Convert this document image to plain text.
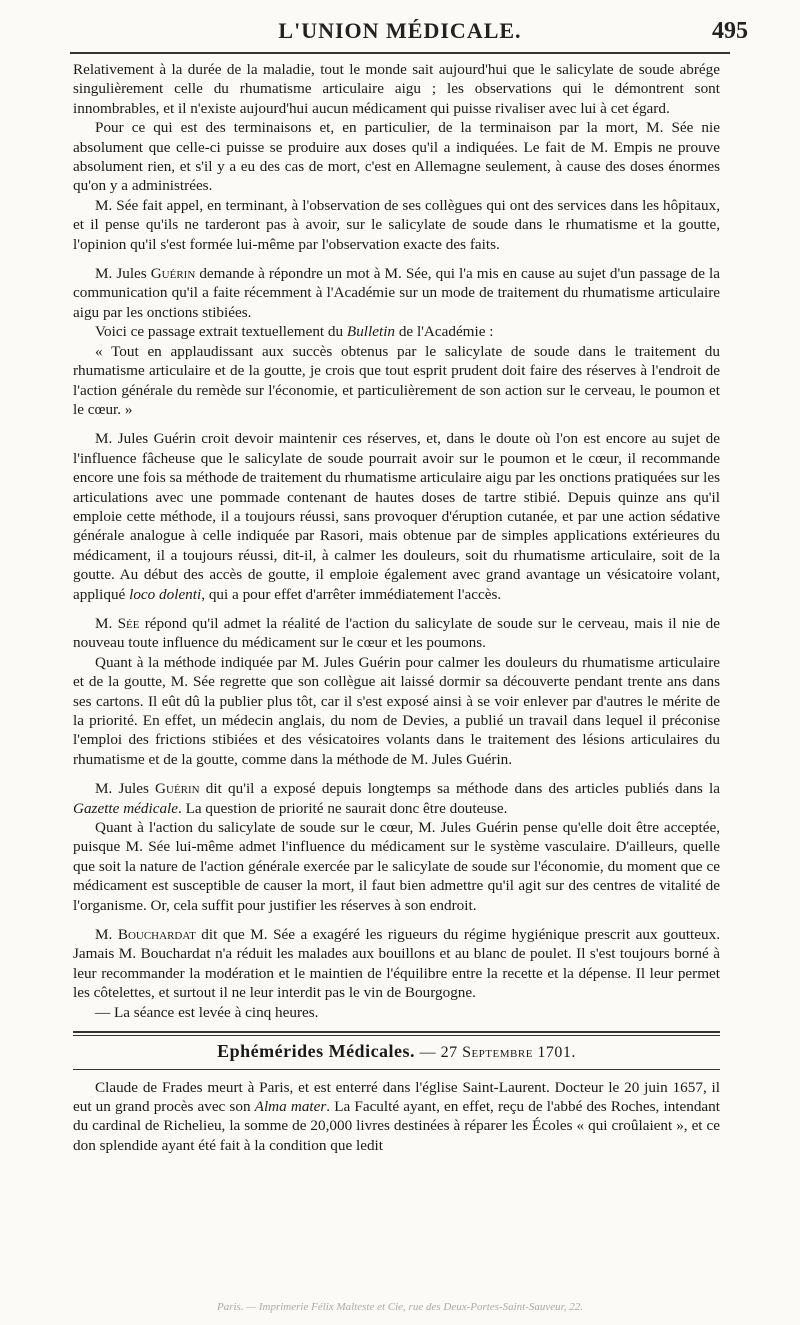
L'UNION MÉDICALE.	495

Relativement à la durée de la maladie, tout le monde sait aujourd'hui que le salicylate de soude abrége singulièrement celle du rhumatisme articulaire aigu ; les observations qui le démontrent sont innombrables, et il n'existe aujourd'hui aucun médicament qui puisse rivaliser avec lui à cet égard.

Pour ce qui est des terminaisons et, en particulier, de la terminaison par la mort, M. Sée nie absolument que celle-ci puisse se produire aux doses qu'il a indiquées. Le fait de M. Empis ne prouve absolument rien, et s'il y a eu des cas de mort, c'est en Allemagne seulement, à cause des doses énormes qu'on y a administrées.

M. Sée fait appel, en terminant, à l'observation de ses collègues qui ont des services dans les hôpitaux, et il pense qu'ils ne tarderont pas à avoir, sur le salicylate de soude dans le rhumatisme et la goutte, l'opinion qu'il s'est formée lui-même par l'observation exacte des faits.

M. Jules Guérin demande à répondre un mot à M. Sée, qui l'a mis en cause au sujet d'un passage de la communication qu'il a faite récemment à l'Académie sur un mode de traitement du rhumatisme articulaire aigu par les onctions stibiées.

Voici ce passage extrait textuellement du Bulletin de l'Académie :

« Tout en applaudissant aux succès obtenus par le salicylate de soude dans le traitement du rhumatisme articulaire et de la goutte, je crois que tout esprit prudent doit faire des réserves à l'endroit de l'action générale du remède sur l'économie, et particulièrement de son action sur le cerveau, le poumon et le cœur. »

M. Jules Guérin croit devoir maintenir ces réserves, et, dans le doute où l'on est encore au sujet de l'influence fâcheuse que le salicylate de soude pourrait avoir sur le poumon et le cœur, il recommande encore une fois sa méthode de traitement du rhumatisme articulaire aigu par les onctions pratiquées sur les articulations avec une pommade contenant de hautes doses de tartre stibié. Depuis quinze ans qu'il emploie cette méthode, il a toujours réussi, sans provoquer d'éruption cutanée, et par une action sédative générale analogue à celle indiquée par Rasori, mais obtenue par de simples applications extérieures du médicament, il a toujours réussi, dit-il, à calmer les douleurs, soit du rhumatisme articulaire, soit de la goutte. Au début des accès de goutte, il emploie également avec grand avantage un vésicatoire volant, appliqué loco dolenti, qui a pour effet d'arrêter immédiatement l'accès.

M. Sée répond qu'il admet la réalité de l'action du salicylate de soude sur le cerveau, mais il nie de nouveau toute influence du médicament sur le cœur et les poumons.

Quant à la méthode indiquée par M. Jules Guérin pour calmer les douleurs du rhumatisme articulaire et de la goutte, M. Sée regrette que son collègue ait laissé dormir sa découverte pendant trente ans dans ses cartons. Il eût dû la publier plus tôt, car il s'est exposé ainsi à se voir enlever par d'autres le mérite de la priorité. En effet, un médecin anglais, du nom de Devies, a publié un travail dans lequel il préconise l'emploi des frictions stibiées et des vésicatoires volants dans le traitement des lésions articulaires du rhumatisme et de la goutte, comme dans la méthode de M. Jules Guérin.

M. Jules Guérin dit qu'il a exposé depuis longtemps sa méthode dans des articles publiés dans la Gazette médicale. La question de priorité ne saurait donc être douteuse.

Quant à l'action du salicylate de soude sur le cœur, M. Jules Guérin pense qu'elle doit être acceptée, puisque M. Sée lui-même admet l'influence du médicament sur le système vasculaire. D'ailleurs, quelle que soit la nature de l'action générale exercée par le salicylate de soude sur l'économie, du moment que ce médicament est susceptible de causer la mort, il faut bien admettre qu'il agit sur des centres de vitalité de l'organisme. Or, cela suffit pour justifier les réserves à son endroit.

M. Bouchardat dit que M. Sée a exagéré les rigueurs du régime hygiénique prescrit aux goutteux. Jamais M. Bouchardat n'a réduit les malades aux bouillons et au blanc de poulet. Il s'est toujours borné à leur recommander la modération et le maintien de l'équilibre entre la recette et la dépense. Il leur permet les côtelettes, et surtout il ne leur interdit pas le vin de Bourgogne.

— La séance est levée à cinq heures.

Ephémérides Médicales. — 27 Septembre 1701.

Claude de Frades meurt à Paris, et est enterré dans l'église Saint-Laurent. Docteur le 20 juin 1657, il eut un grand procès avec son Alma mater. La Faculté ayant, en effet, reçu de l'abbé des Roches, intendant du cardinal de Richelieu, la somme de 20,000 livres destinées à réparer les Écoles « qui croûlaient », et ce don splendide ayant été fait à la condition que ledit

Paris. — Imprimerie Félix Malteste et Cie, rue des Deux-Portes-Saint-Sauveur, 22.
